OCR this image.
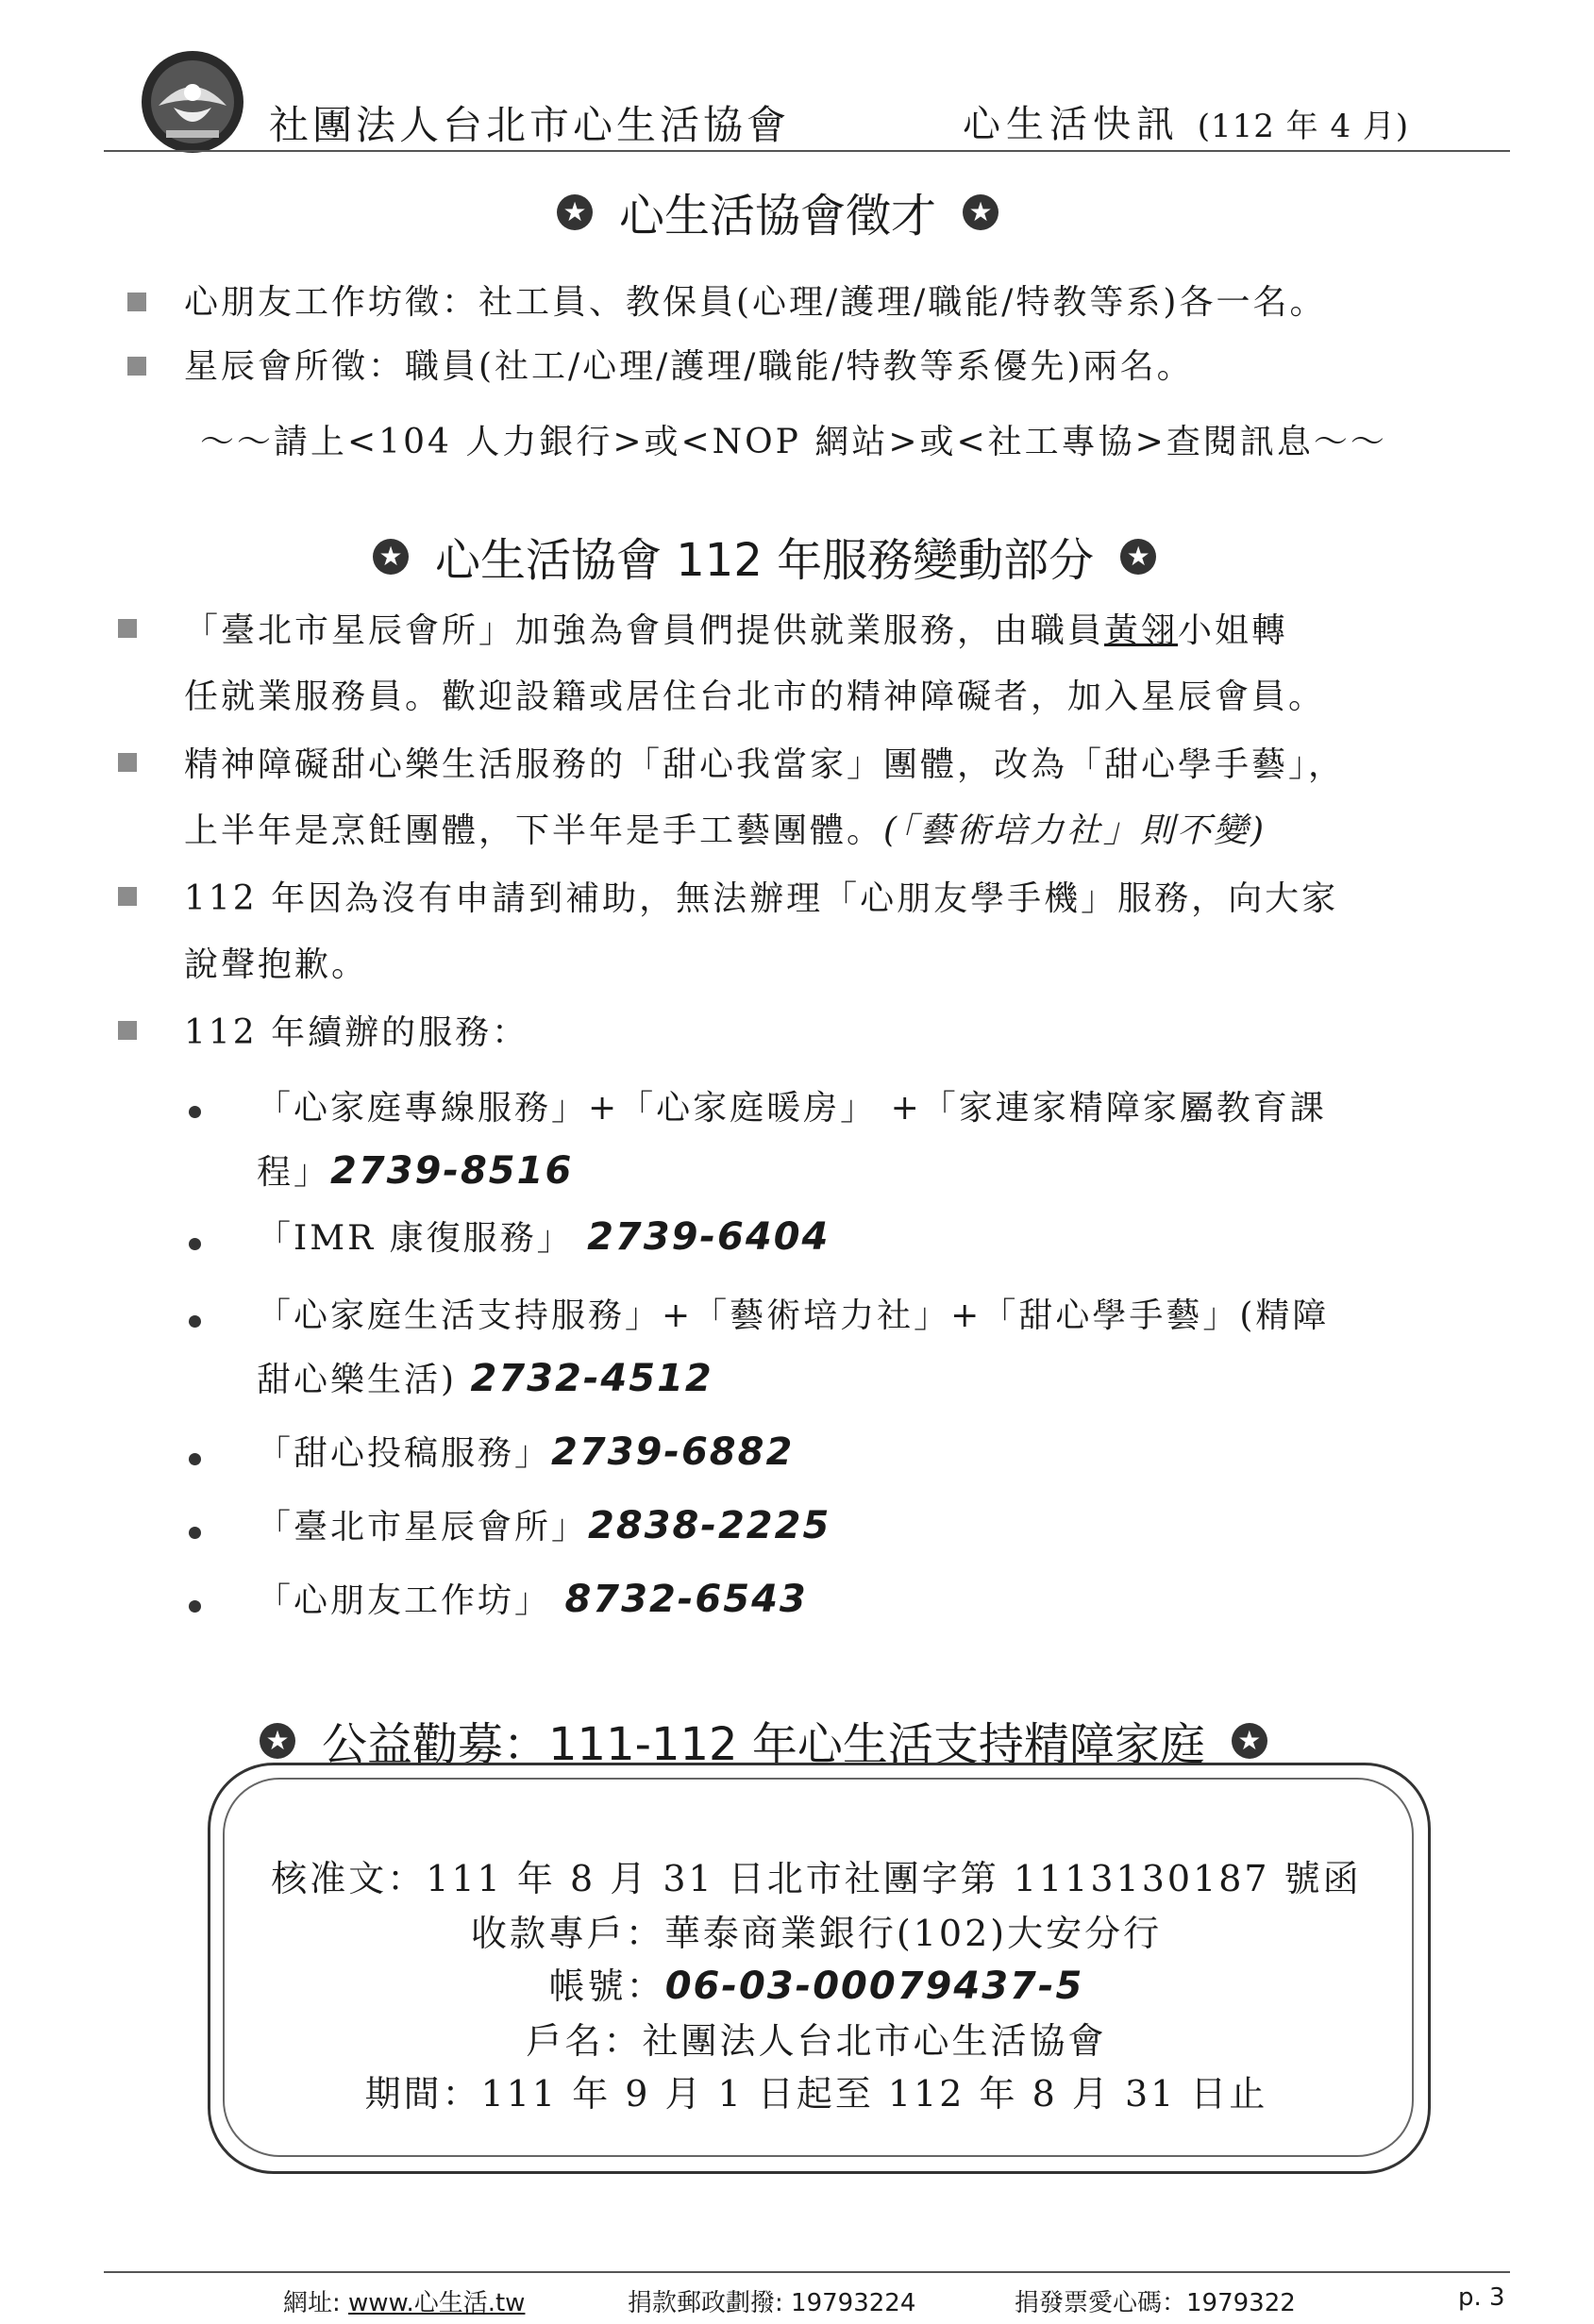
社團法人台北市心生活協會	心生活快訊 (112 年 4 月)
★ 心生活協會徵才 ★
心朋友工作坊徵：社工員、教保員(心理/護理/職能/特教等系)各一名。
星辰會所徵：職員(社工/心理/護理/職能/特教等系優先)兩名。
～～請上<104 人力銀行>或<NOP 網站>或<社工專協>查閱訊息～～
★ 心生活協會 112 年服務變動部分 ★
「臺北市星辰會所」加強為會員們提供就業服務，由職員黃翎小姐轉
任就業服務員。歡迎設籍或居住台北市的精神障礙者，加入星辰會員。
精神障礙甜心樂生活服務的「甜心我當家」團體，改為「甜心學手藝」，
上半年是烹飪團體，下半年是手工藝團體。(「藝術培力社」則不變)
112 年因為沒有申請到補助，無法辦理「心朋友學手機」服務，向大家
說聲抱歉。
112 年續辦的服務：
「心家庭專線服務」+「心家庭暖房」 +「家連家精障家屬教育課
程」2739-8516
「IMR 康復服務」 2739-6404
「心家庭生活支持服務」+「藝術培力社」+「甜心學手藝」(精障
甜心樂生活) 2732-4512
「甜心投稿服務」2739-6882
「臺北市星辰會所」2838-2225
「心朋友工作坊」 8732-6543
★ 公益勸募：111-112 年心生活支持精障家庭 ★
核准文：111 年 8 月 31 日北市社團字第 1113130187 號函
收款專戶：華泰商業銀行(102)大安分行
帳號：06-03-00079437-5
戶名：社團法人台北市心生活協會
期間：111 年 9 月 1 日起至 112 年 8 月 31 日止
網址: www.心生活.tw	捐款郵政劃撥: 19793224	捐發票愛心碼：1979322	p. 3
